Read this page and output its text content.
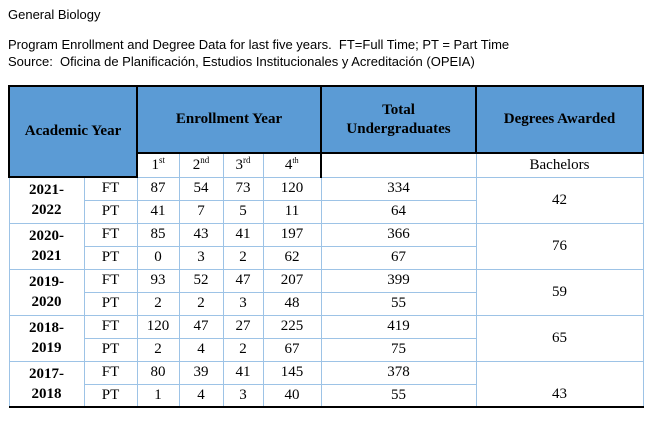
General Biology
Program Enrollment and Degree Data for last five years.  FT=Full Time; PT = Part Time
Source:  Oficina de Planificación, Estudios Institucionales y Acreditación (OPEIA)
Academic Year		Enrollment Year				Total Undergraduates	Degrees Awarded
		1st	2nd	3rd	4th		Bachelors
2021-
2022	FT	87	54	73	120	334	42
	PT	41	7	5	11	64	
2020-
2021	FT	85	43	41	197	366	76
	PT	0	3	2	62	67	
2019-
2020	FT	93	52	47	207	399	59
	PT	2	2	3	48	55	
2018-
2019	FT	120	47	27	225	419	65
	PT	2	4	2	67	75	
2017-
2018	FT	80	39	41	145	378	43
	PT	1	4	3	40	55	
